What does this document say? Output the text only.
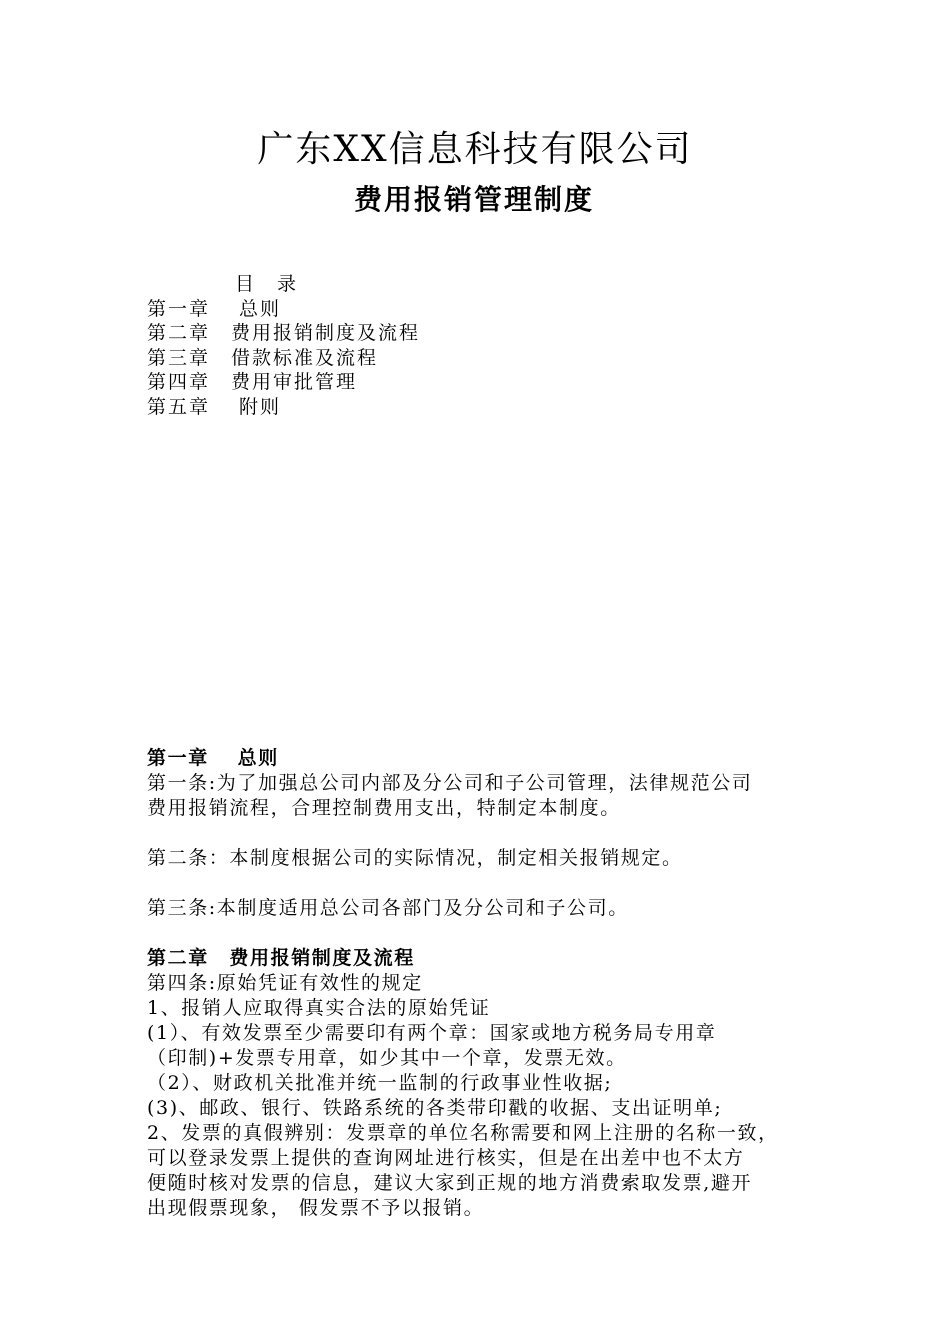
广东XX信息科技有限公司
费用报销管理制度
目　录
第一章　 总则
第二章　费用报销制度及流程
第三章　借款标准及流程
第四章　费用审批管理
第五章　 附则

第一章　 总则

第一条:为了加强总公司内部及分公司和子公司管理，法律规范公司

费用报销流程，合理控制费用支出，特制定本制度。

第二条：本制度根据公司的实际情况，制定相关报销规定。

第三条:本制度适用总公司各部门及分公司和子公司。

第二章　费用报销制度及流程

第四条:原始凭证有效性的规定

1、报销人应取得真实合法的原始凭证

(1）、有效发票至少需要印有两个章：国家或地方税务局专用章

（印制)+发票专用章，如少其中一个章，发票无效。

（2）、财政机关批准并统一监制的行政事业性收据;

(3)、邮政、银行、铁路系统的各类带印戳的收据、支出证明单;

2、发票的真假辨别：发票章的单位名称需要和网上注册的名称一致，

可以登录发票上提供的查询网址进行核实，但是在出差中也不太方

便随时核对发票的信息，建议大家到正规的地方消费索取发票,避开

出现假票现象， 假发票不予以报销。
